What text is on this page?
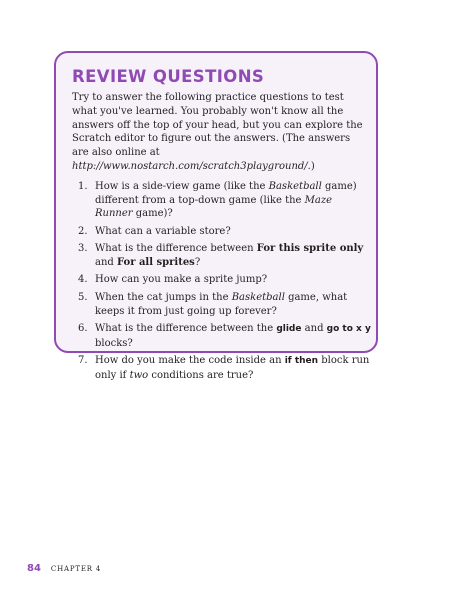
REVIEW QUESTIONS

Try to answer the following practice questions to test what you've learned. You probably won't know all the answers off the top of your head, but you can explore the Scratch editor to figure out the answers. (The answers are also online at http://www.nostarch.com/scratch3playground/.)

1. How is a side-view game (like the Basketball game) different from a top-down game (like the Maze Runner game)?
2. What can a variable store?
3. What is the difference between For this sprite only and For all sprites?
4. How can you make a sprite jump?
5. When the cat jumps in the Basketball game, what keeps it from just going up forever?
6. What is the difference between the glide and go to x y blocks?
7. How do you make the code inside an if then block run only if two conditions are true?
84 CHAPTER 4
